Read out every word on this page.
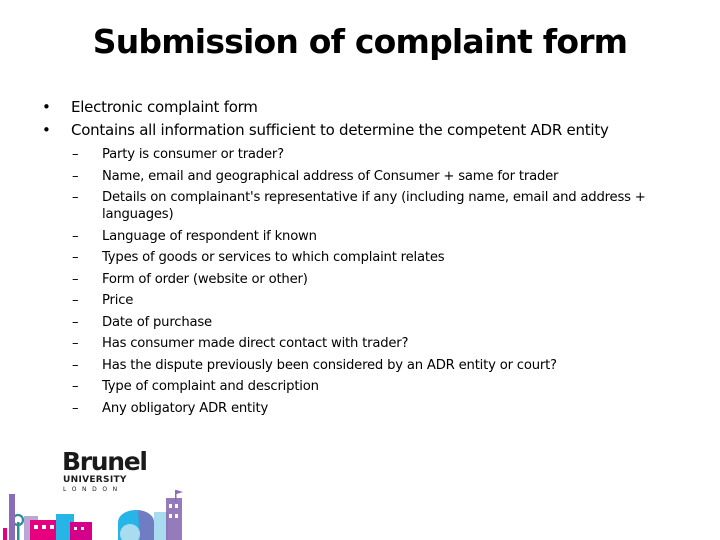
Submission of complaint form
• Electronic complaint form
• Contains all information sufficient to determine the competent ADR entity
– Party is consumer or trader?
– Name, email and geographical address of Consumer + same for trader
– Details on complainant's representative if any (including name, email and address + languages)
– Language of respondent if known
– Types of goods or services to which complaint relates
– Form of order (website or other)
– Price
– Date of purchase
– Has consumer made direct contact with trader?
– Has the dispute previously been considered by an ADR entity or court?
– Type of complaint and description
– Any obligatory ADR entity
Brunel
UNIVERSITY
LONDON
